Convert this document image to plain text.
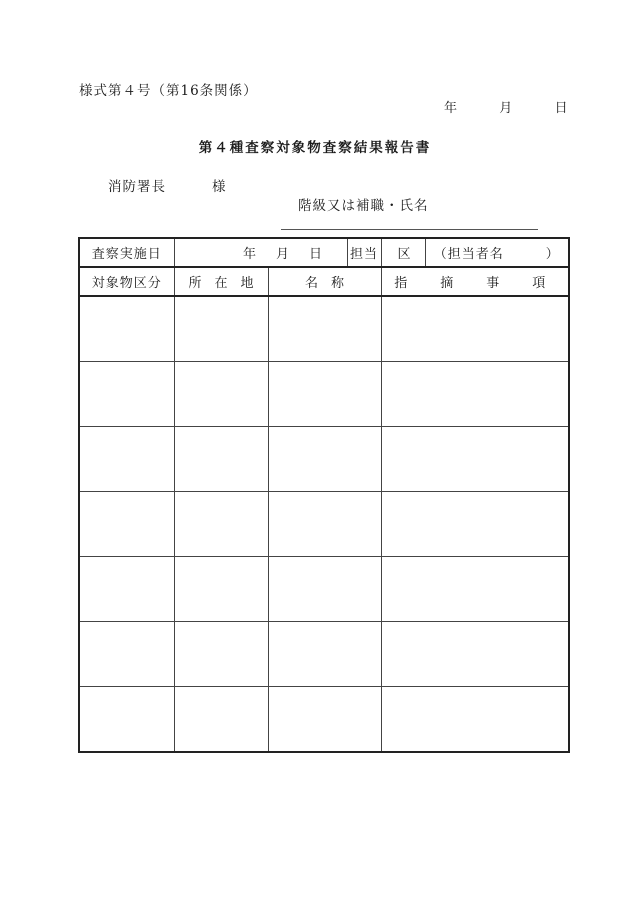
様式第４号（第16条関係）
年	月	日
第４種査察対象物査察結果報告書
消防署長	様
階級又は補職・氏名
査察実施日	年 月 日		担当	区	（担当者名　　　）
対象物区分	所　在　地	名　称		指　摘　事　項	
